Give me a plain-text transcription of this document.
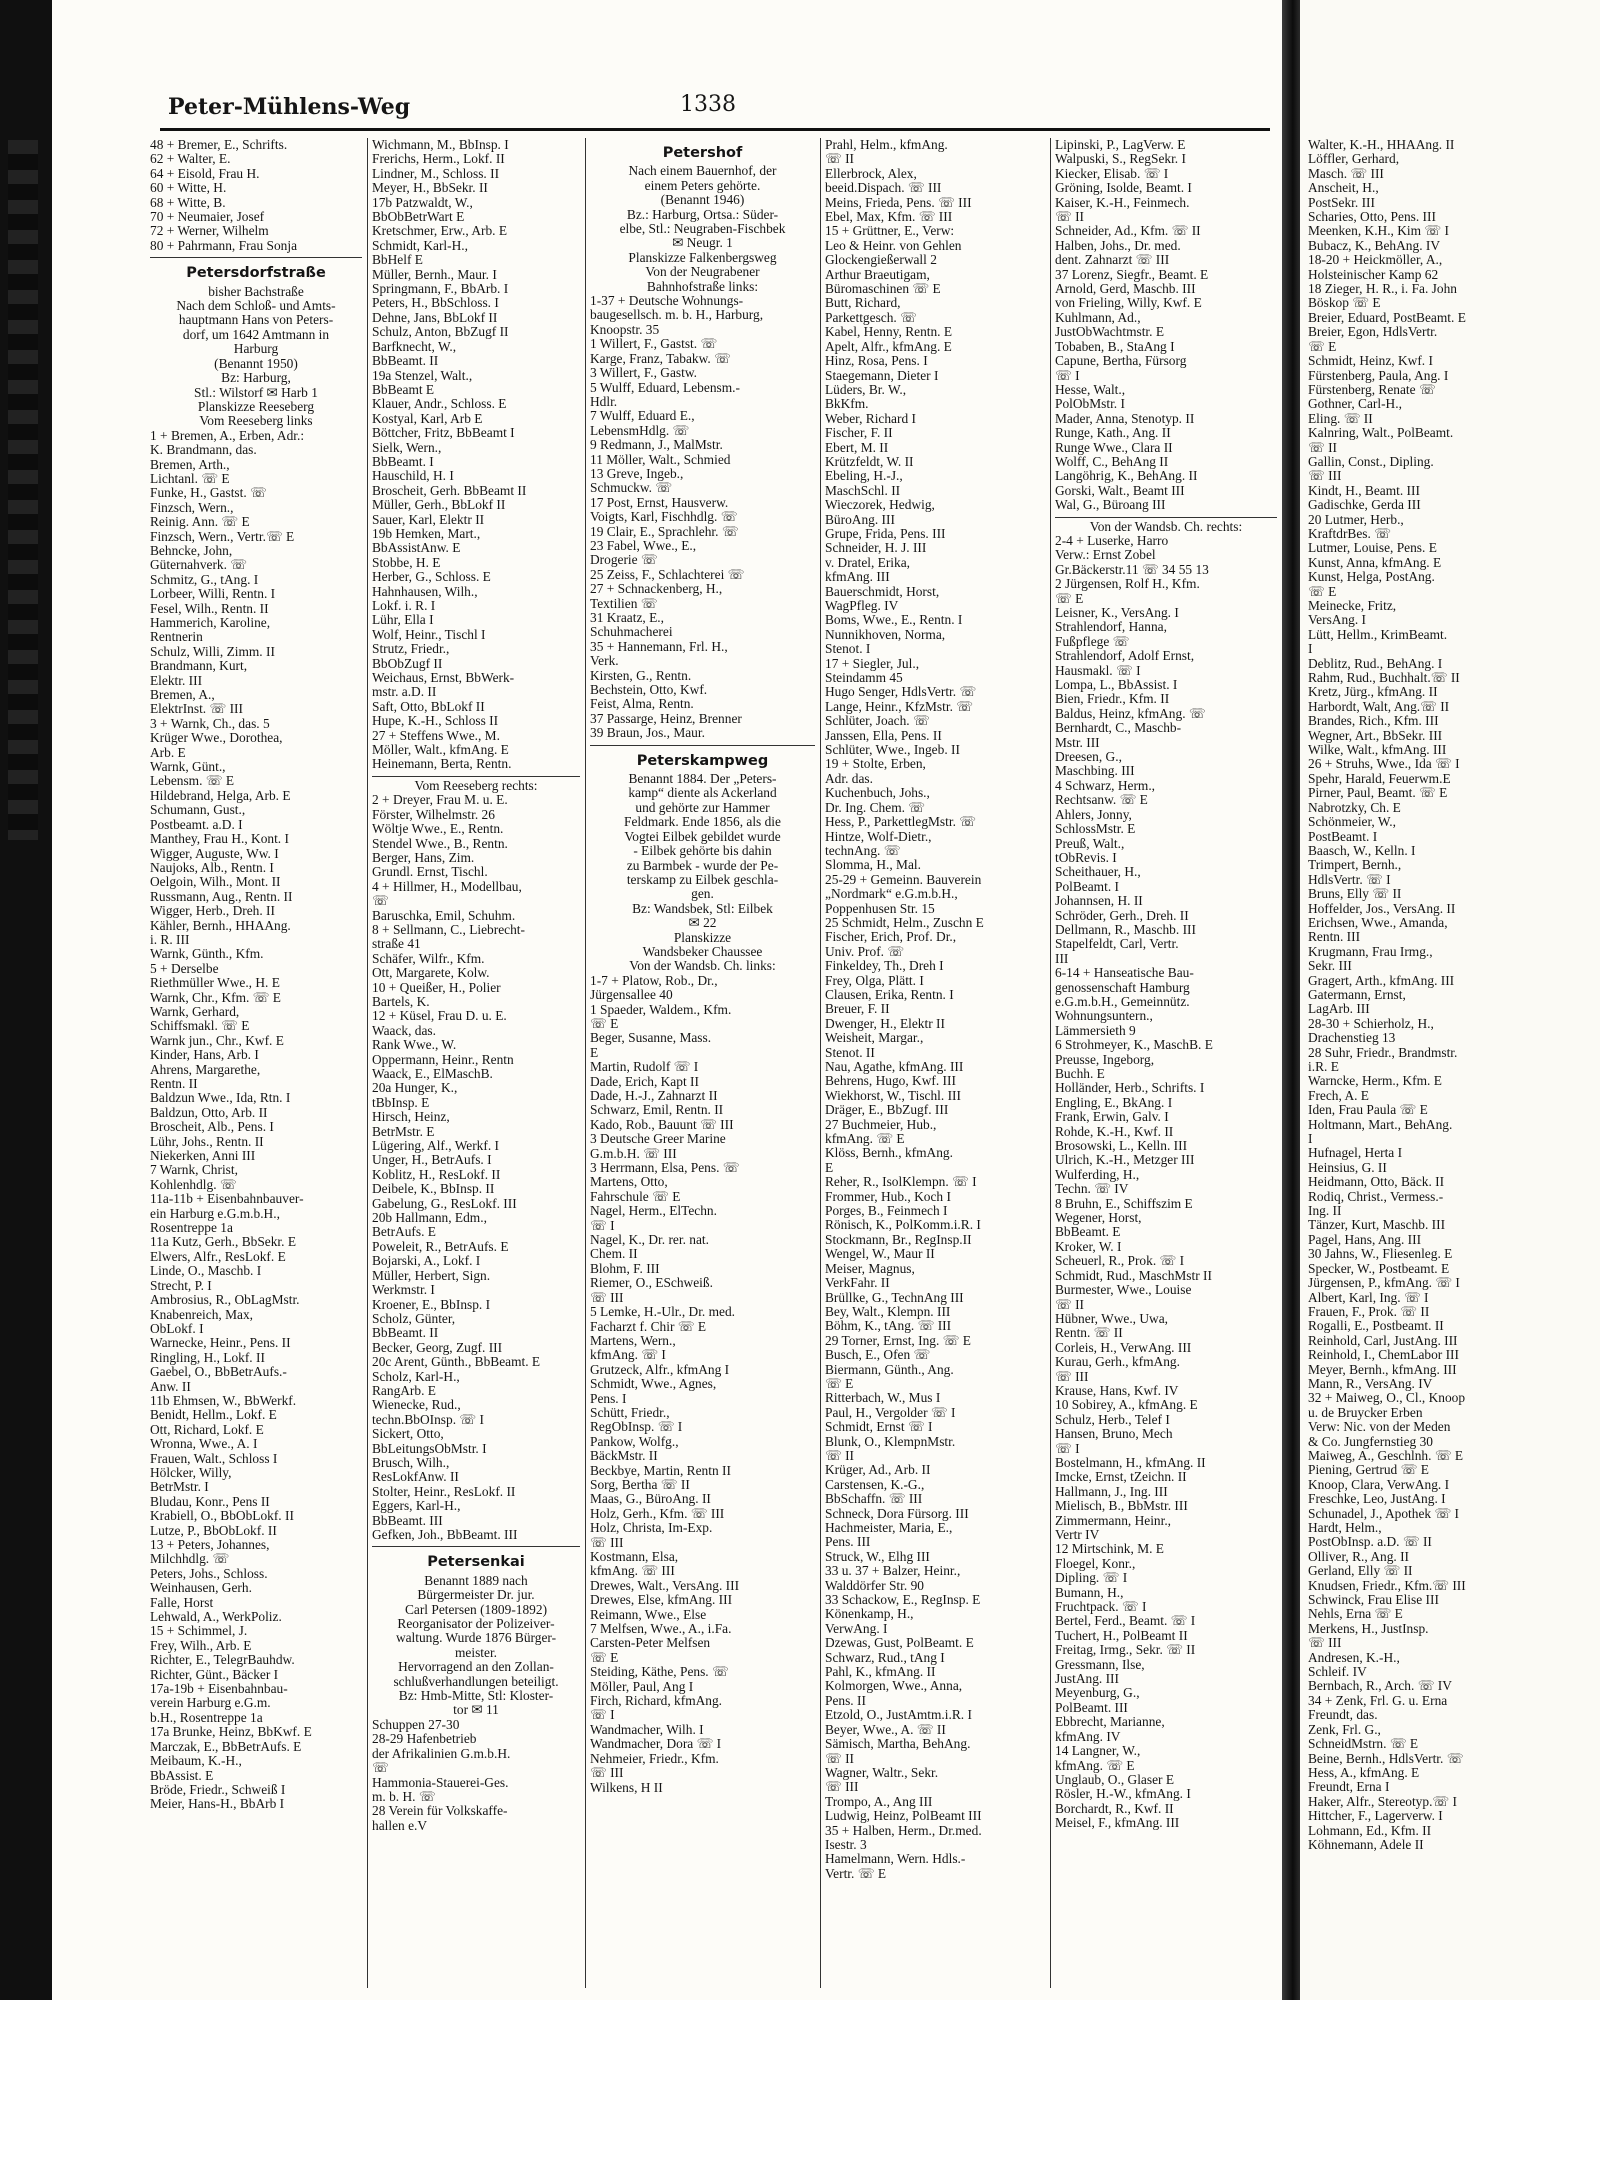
Peter-Mühlens-Weg	1338
48 + Bremer, E., Schrifts.
62 + Walter, E.
64 + Eisold, Frau H.
60 + Witte, H.
68 + Witte, B.
70 + Neumaier, Josef
72 + Werner, Wilhelm
80 + Pahrmann, Frau Sonja
Petersdorfstraße
bisher Bachstraße
Nach dem Schloß- und Amts-
hauptmann Hans von Peters-
dorf, um 1642 Amtmann in
Harburg
(Benannt 1950)
Bz: Harburg,
Stl.: Wilstorf ✉ Harb 1
Planskizze Reeseberg
Vom Reeseberg links
1 + Bremen, A., Erben, Adr.:
K. Brandmann, das.
Bremen, Arth.,
Lichtanl. ☏ E
Funke, H., Gastst. ☏
Finzsch, Wern.,
Reinig. Ann. ☏ E
Finzsch, Wern., Vertr.☏ E
Behncke, John,
Güternahverk. ☏
Schmitz, G., tAng. I
Lorbeer, Willi, Rentn. I
Fesel, Wilh., Rentn. II
Hammerich, Karoline,
Rentnerin
Schulz, Willi, Zimm. II
Brandmann, Kurt,
Elektr. III
Bremen, A.,
ElektrInst. ☏ III
3 + Warnk, Ch., das. 5
Krüger Wwe., Dorothea,
Arb. E
Warnk, Günt.,
Lebensm. ☏ E
Hildebrand, Helga, Arb. E
Schumann, Gust.,
Postbeamt. a.D. I
Manthey, Frau H., Kont. I
Wigger, Auguste, Ww. I
Naujoks, Alb., Rentn. I
Oelgoin, Wilh., Mont. II
Russmann, Aug., Rentn. II
Wigger, Herb., Dreh. II
Kähler, Bernh., HHAAng.
i. R. III
Warnk, Günth., Kfm.
5 + Derselbe
Riethmüller Wwe., H. E
Warnk, Chr., Kfm. ☏ E
Warnk, Gerhard,
Schiffsmakl. ☏ E
Warnk jun., Chr., Kwf. E
Kinder, Hans, Arb. I
Ahrens, Margarethe,
Rentn. II
Baldzun Wwe., Ida, Rtn. I
Baldzun, Otto, Arb. II
Broscheit, Alb., Pens. I
Lühr, Johs., Rentn. II
Niekerken, Anni III
7 Warnk, Christ,
Kohlenhdlg. ☏
11a-11b + Eisenbahnbauver-
ein Harburg e.G.m.b.H.,
Rosentreppe 1a
11a Kutz, Gerh., BbSekr. E
Elwers, Alfr., ResLokf. E
Linde, O., Maschb. I
Strecht, P. I
Ambrosius, R., ObLagMstr.
Knabenreich, Max,
ObLokf. I
Warnecke, Heinr., Pens. II
Ringling, H., Lokf. II
Gaebel, O., BbBetrAufs.-
Anw. II
11b Ehmsen, W., BbWerkf.
Benidt, Hellm., Lokf. E
Ott, Richard, Lokf. E
Wronna, Wwe., A. I
Frauen, Walt., Schloss I
Hölcker, Willy,
BetrMstr. I
Bludau, Konr., Pens II
Krabiell, O., BbObLokf. II
Lutze, P., BbObLokf. II
13 + Peters, Johannes,
Milchhdlg. ☏
Peters, Johs., Schloss.
Weinhausen, Gerh.
Falle, Horst
Lehwald, A., WerkPoliz.
15 + Schimmel, J.
Frey, Wilh., Arb. E
Richter, E., TelegrBauhdw.
Richter, Günt., Bäcker I
17a-19b + Eisenbahnbau-
verein Harburg e.G.m.
b.H., Rosentreppe 1a
17a Brunke, Heinz, BbKwf. E
Marczak, E., BbBetrAufs. E
Meibaum, K.-H.,
BbAssist. E
Bröde, Friedr., Schweiß I
Meier, Hans-H., BbArb I
Wichmann, M., BbInsp. I
Frerichs, Herm., Lokf. II
Lindner, M., Schloss. II
Meyer, H., BbSekr. II
17b Patzwaldt, W.,
BbObBetrWart E
Kretschmer, Erw., Arb. E
Schmidt, Karl-H.,
BbHelf E
Müller, Bernh., Maur. I
Springmann, F., BbArb. I
Peters, H., BbSchloss. I
Dehne, Jans, BbLokf II
Schulz, Anton, BbZugf II
Barfknecht, W.,
BbBeamt. II
19a Stenzel, Walt.,
BbBeamt E
Klauer, Andr., Schloss. E
Kostyal, Karl, Arb E
Böttcher, Fritz, BbBeamt I
Sielk, Wern.,
BbBeamt. I
Hauschild, H. I
Broscheit, Gerh. BbBeamt II
Müller, Gerh., BbLokf II
Sauer, Karl, Elektr II
19b Hemken, Mart.,
BbAssistAnw. E
Stobbe, H. E
Herber, G., Schloss. E
Hahnhausen, Wilh.,
Lokf. i. R. I
Lühr, Ella I
Wolf, Heinr., Tischl I
Strutz, Friedr.,
BbObZugf II
Weichaus, Ernst, BbWerk-
mstr. a.D. II
Saft, Otto, BbLokf II
Hupe, K.-H., Schloss II
27 + Steffens Wwe., M.
Möller, Walt., kfmAng. E
Heinemann, Berta, Rentn.
Vom Reeseberg rechts:
2 + Dreyer, Frau M. u. E.
Förster, Wilhelmstr. 26
Wöltje Wwe., E., Rentn.
Stendel Wwe., B., Rentn.
Berger, Hans, Zim.
Grundl. Ernst, Tischl.
4 + Hillmer, H., Modellbau,
☏
Baruschka, Emil, Schuhm.
8 + Sellmann, C., Liebrecht-
straße 41
Schäfer, Wilfr., Kfm.
Ott, Margarete, Kolw.
10 + Queißer, H., Polier
Bartels, K.
12 + Küsel, Frau D. u. E.
Waack, das.
Rank Wwe., W.
Oppermann, Heinr., Rentn
Waack, E., ElMaschB.
20a Hunger, K.,
tBbInsp. E
Hirsch, Heinz,
BetrMstr. E
Lügering, Alf., Werkf. I
Unger, H., BetrAufs. I
Koblitz, H., ResLokf. II
Deibele, K., BbInsp. II
Gabelung, G., ResLokf. III
20b Hallmann, Edm.,
BetrAufs. E
Poweleit, R., BetrAufs. E
Bojarski, A., Lokf. I
Müller, Herbert, Sign.
Werkmstr. I
Kroener, E., BbInsp. I
Scholz, Günter,
BbBeamt. II
Becker, Georg, Zugf. III
20c Arent, Günth., BbBeamt. E
Scholz, Karl-H.,
RangArb. E
Wienecke, Rud.,
techn.BbOInsp. ☏ I
Sickert, Otto,
BbLeitungsObMstr. I
Brusch, Wilh.,
ResLokfAnw. II
Stolter, Heinr., ResLokf. II
Eggers, Karl-H.,
BbBeamt. III
Gefken, Joh., BbBeamt. III
Petersenkai
Benannt 1889 nach
Bürgermeister Dr. jur.
Carl Petersen (1809-1892)
Reorganisator der Polizeiver-
waltung. Wurde 1876 Bürger-
meister.
Hervorragend an den Zollan-
schlußverhandlungen beteiligt.
Bz: Hmb-Mitte, Stl: Kloster-
tor ✉ 11
Schuppen 27-30
28-29 Hafenbetrieb
der Afrikalinien G.m.b.H.
☏
Hammonia-Stauerei-Ges.
m. b. H. ☏
28 Verein für Volkskaffe-
hallen e.V
Petershof
Nach einem Bauernhof, der
einem Peters gehörte.
(Benannt 1946)
Bz.: Harburg, Ortsa.: Süder-
elbe, Stl.: Neugraben-Fischbek
✉ Neugr. 1
Planskizze Falkenbergsweg
Von der Neugrabener
Bahnhofstraße links:
1-37 + Deutsche Wohnungs-
baugesellsch. m. b. H., Harburg,
Knoopstr. 35
1 Willert, F., Gastst. ☏
Karge, Franz, Tabakw. ☏
3 Willert, F., Gastw.
5 Wulff, Eduard, Lebensm.-
Hdlr.
7 Wulff, Eduard E.,
LebensmHdlg. ☏
9 Redmann, J., MalMstr.
11 Möller, Walt., Schmied
13 Greve, Ingeb.,
Schmuckw. ☏
17 Post, Ernst, Hausverw.
Voigts, Karl, Fischhdlg. ☏
19 Clair, E., Sprachlehr. ☏
23 Fabel, Wwe., E.,
Drogerie ☏
25 Zeiss, F., Schlachterei ☏
27 + Schnackenberg, H.,
Textilien ☏
31 Kraatz, E.,
Schuhmacherei
35 + Hannemann, Frl. H.,
Verk.
Kirsten, G., Rentn.
Bechstein, Otto, Kwf.
Feist, Alma, Rentn.
37 Passarge, Heinz, Brenner
39 Braun, Jos., Maur.
Peterskampweg
Benannt 1884. Der „Peters-
kamp“ diente als Ackerland
und gehörte zur Hammer
Feldmark. Ende 1856, als die
Vogtei Eilbek gebildet wurde
- Eilbek gehörte bis dahin
zu Barmbek - wurde der Pe-
terskamp zu Eilbek geschla-
gen.
Bz: Wandsbek, Stl: Eilbek
✉ 22
Planskizze
Wandsbeker Chaussee
Von der Wandsb. Ch. links:
1-7 + Platow, Rob., Dr.,
Jürgensallee 40
1 Spaeder, Waldem., Kfm.
☏ E
Beger, Susanne, Mass.
E
Martin, Rudolf ☏ I
Dade, Erich, Kapt II
Dade, H.-J., Zahnarzt II
Schwarz, Emil, Rentn. II
Kado, Rob., Bauunt ☏ III
3 Deutsche Greer Marine
G.m.b.H. ☏ III
3 Herrmann, Elsa, Pens. ☏
Martens, Otto,
Fahrschule ☏ E
Nagel, Herm., ElTechn.
☏ I
Nagel, K., Dr. rer. nat.
Chem. II
Blohm, F. III
Riemer, O., ESchweiß.
☏ III
5 Lemke, H.-Ulr., Dr. med.
Facharzt f. Chir ☏ E
Martens, Wern.,
kfmAng. ☏ I
Grutzeck, Alfr., kfmAng I
Schmidt, Wwe., Agnes,
Pens. I
Schütt, Friedr.,
RegObInsp. ☏ I
Pankow, Wolfg.,
BäckMstr. II
Beckbye, Martin, Rentn II
Sorg, Bertha ☏ II
Maas, G., BüroAng. II
Holz, Gerh., Kfm. ☏ III
Holz, Christa, Im-Exp.
☏ III
Kostmann, Elsa,
kfmAng. ☏ III
Drewes, Walt., VersAng. III
Drewes, Else, kfmAng. III
Reimann, Wwe., Else
7 Melfsen, Wwe., A., i.Fa.
Carsten-Peter Melfsen
☏ E
Steiding, Käthe, Pens. ☏
Möller, Paul, Ang I
Firch, Richard, kfmAng.
☏ I
Wandmacher, Wilh. I
Wandmacher, Dora ☏ I
Nehmeier, Friedr., Kfm.
☏ III
Wilkens, H II
Prahl, Helm., kfmAng.
☏ II
Ellerbrock, Alex,
beeid.Dispach. ☏ III
Meins, Frieda, Pens. ☏ III
Ebel, Max, Kfm. ☏ III
15 + Grüttner, E., Verw:
Leo & Heinr. von Gehlen
Glockengießerwall 2
Arthur Braeutigam,
Büromaschinen ☏ E
Butt, Richard,
Parkettgesch. ☏
Kabel, Henny, Rentn. E
Apelt, Alfr., kfmAng. E
Hinz, Rosa, Pens. I
Staegemann, Dieter I
Lüders, Br. W.,
BkKfm.
Weber, Richard I
Fischer, F. II
Ebert, M. II
Krützfeldt, W. II
Ebeling, H.-J.,
MaschSchl. II
Wieczorek, Hedwig,
BüroAng. III
Grupe, Frida, Pens. III
Schneider, H. J. III
v. Dratel, Erika,
kfmAng. III
Bauerschmidt, Horst,
WagPfleg. IV
Boms, Wwe., E., Rentn. I
Nunnikhoven, Norma,
Stenot. I
17 + Siegler, Jul.,
Steindamm 45
Hugo Senger, HdlsVertr. ☏
Lange, Heinr., KfzMstr. ☏
Schlüter, Joach. ☏
Janssen, Ella, Pens. II
Schlüter, Wwe., Ingeb. II
19 + Stolte, Erben,
Adr. das.
Kuchenbuch, Johs.,
Dr. Ing. Chem. ☏
Hess, P., ParkettlegMstr. ☏
Hintze, Wolf-Dietr.,
technAng. ☏
Slomma, H., Mal.
25-29 + Gemeinn. Bauverein
„Nordmark“ e.G.m.b.H.,
Poppenhusen Str. 15
25 Schmidt, Helm., Zuschn E
Fischer, Erich, Prof. Dr.,
Univ. Prof. ☏
Finkeldey, Th., Dreh I
Frey, Olga, Plätt. I
Clausen, Erika, Rentn. I
Breuer, F. II
Dwenger, H., Elektr II
Weisheit, Margar.,
Stenot. II
Nau, Agathe, kfmAng. III
Behrens, Hugo, Kwf. III
Wiekhorst, W., Tischl. III
Dräger, E., BbZugf. III
27 Buchmeier, Hub.,
kfmAng. ☏ E
Klöss, Bernh., kfmAng.
E
Reher, R., IsolKlempn. ☏ I
Frommer, Hub., Koch I
Porges, B., Feinmech I
Rönisch, K., PolKomm.i.R. I
Stockmann, Br., RegInsp.II
Wengel, W., Maur II
Meiser, Magnus,
VerkFahr. II
Brüllke, G., TechnAng III
Bey, Walt., Klempn. III
Böhm, K., tAng. ☏ III
29 Torner, Ernst, Ing. ☏ E
Busch, E., Ofen ☏
Biermann, Günth., Ang.
☏ E
Ritterbach, W., Mus I
Paul, H., Vergolder ☏ I
Schmidt, Ernst ☏ I
Blunk, O., KlempnMstr.
☏ II
Krüger, Ad., Arb. II
Carstensen, K.-G.,
BbSchaffn. ☏ III
Schneck, Dora Fürsorg. III
Hachmeister, Maria, E.,
Pens. III
Struck, W., Elhg III
33 u. 37 + Balzer, Heinr.,
Walddörfer Str. 90
33 Schackow, E., RegInsp. E
Könenkamp, H.,
VerwAng. I
Dzewas, Gust, PolBeamt. E
Schwarz, Rud., tAng I
Pahl, K., kfmAng. II
Kolmorgen, Wwe., Anna,
Pens. II
Etzold, O., JustAmtm.i.R. I
Beyer, Wwe., A. ☏ II
Sämisch, Martha, BehAng.
☏ II
Wagner, Waltr., Sekr.
☏ III
Trompo, A., Ang III
Ludwig, Heinz, PolBeamt III
35 + Halben, Herm., Dr.med.
Isestr. 3
Hamelmann, Wern. Hdls.-
Vertr. ☏ E
Lipinski, P., LagVerw. E
Walpuski, S., RegSekr. I
Kiecker, Elisab. ☏ I
Gröning, Isolde, Beamt. I
Kaiser, K.-H., Feinmech.
☏ II
Schneider, Ad., Kfm. ☏ II
Halben, Johs., Dr. med.
dent. Zahnarzt ☏ III
37 Lorenz, Siegfr., Beamt. E
Arnold, Gerd, Maschb. III
von Frieling, Willy, Kwf. E
Kuhlmann, Ad.,
JustObWachtmstr. E
Tobaben, B., StaAng I
Capune, Bertha, Fürsorg
☏ I
Hesse, Walt.,
PolObMstr. I
Mader, Anna, Stenotyp. II
Runge, Kath., Ang. II
Runge Wwe., Clara II
Wolff, C., BehAng II
Langöhrig, K., BehAng. II
Gorski, Walt., Beamt III
Wal, G., Büroang III
Von der Wandsb. Ch. rechts:
2-4 + Luserke, Harro
Verw.: Ernst Zobel
Gr.Bäckerstr.11 ☏ 34 55 13
2 Jürgensen, Rolf H., Kfm.
☏ E
Leisner, K., VersAng. I
Strahlendorf, Hanna,
Fußpflege ☏
Strahlendorf, Adolf Ernst,
Hausmakl. ☏ I
Lompa, L., BbAssist. I
Bien, Friedr., Kfm. II
Baldus, Heinz, kfmAng. ☏
Bernhardt, C., Maschb-
Mstr. III
Dreesen, G.,
Maschbing. III
4 Schwarz, Herm.,
Rechtsanw. ☏ E
Ahlers, Jonny,
SchlossMstr. E
Preuß, Walt.,
tObRevis. I
Scheithauer, H.,
PolBeamt. I
Johannsen, H. II
Schröder, Gerh., Dreh. II
Dellmann, R., Maschb. III
Stapelfeldt, Carl, Vertr.
III
6-14 + Hanseatische Bau-
genossenschaft Hamburg
e.G.m.b.H., Gemeinnütz.
Wohnungsuntern.,
Lämmersieth 9
6 Strohmeyer, K., MaschB. E
Preusse, Ingeborg,
Buchh. E
Holländer, Herb., Schrifts. I
Engling, E., BkAng. I
Frank, Erwin, Galv. I
Rohde, K.-H., Kwf. II
Brosowski, L., Kelln. III
Ulrich, K.-H., Metzger III
Wulferding, H.,
Techn. ☏ IV
8 Bruhn, E., Schiffszim E
Wegener, Horst,
BbBeamt. E
Kroker, W. I
Scheuerl, R., Prok. ☏ I
Schmidt, Rud., MaschMstr II
Burmester, Wwe., Louise
☏ II
Hübner, Wwe., Uwa,
Rentn. ☏ II
Corleis, H., VerwAng. III
Kurau, Gerh., kfmAng.
☏ III
Krause, Hans, Kwf. IV
10 Sobirey, A., kfmAng. E
Schulz, Herb., Telef I
Hansen, Bruno, Mech
☏ I
Bostelmann, H., kfmAng. II
Imcke, Ernst, tZeichn. II
Hallmann, J., Ing. III
Mielisch, B., BbMstr. III
Zimmermann, Heinr.,
Vertr IV
12 Mirtschink, M. E
Floegel, Konr.,
Dipling. ☏ I
Bumann, H.,
Fruchtpack. ☏ I
Bertel, Ferd., Beamt. ☏ I
Tuchert, H., PolBeamt II
Freitag, Irmg., Sekr. ☏ II
Gressmann, Ilse,
JustAng. III
Meyenburg, G.,
PolBeamt. III
Ebbrecht, Marianne,
kfmAng. IV
14 Langner, W.,
kfmAng. ☏ E
Unglaub, O., Glaser E
Rösler, H.-W., kfmAng. I
Borchardt, R., Kwf. II
Meisel, F., kfmAng. III
Walter, K.-H., HHAAng. II
Löffler, Gerhard,
Masch. ☏ III
Anscheit, H.,
PostSekr. III
Scharies, Otto, Pens. III
Meenken, K.H., Kim ☏ I
Bubacz, K., BehAng. IV
18-20 + Heickmöller, A.,
Holsteinischer Kamp 62
18 Zieger, H. R., i. Fa. John
Böskop ☏ E
Breier, Eduard, PostBeamt. E
Breier, Egon, HdlsVertr.
☏ E
Schmidt, Heinz, Kwf. I
Fürstenberg, Paula, Ang. I
Fürstenberg, Renate ☏
Gothner, Carl-H.,
Eling. ☏ II
Kalnring, Walt., PolBeamt.
☏ II
Gallin, Const., Dipling.
☏ III
Kindt, H., Beamt. III
Gadischke, Gerda III
20 Lutmer, Herb.,
KraftdrBes. ☏
Lutmer, Louise, Pens. E
Kunst, Anna, kfmAng. E
Kunst, Helga, PostAng.
☏ E
Meinecke, Fritz,
VersAng. I
Lütt, Hellm., KrimBeamt.
I
Deblitz, Rud., BehAng. I
Rahm, Rud., Buchhalt.☏ II
Kretz, Jürg., kfmAng. II
Harbordt, Walt, Ang.☏ II
Brandes, Rich., Kfm. III
Wegner, Art., BbSekr. III
Wilke, Walt., kfmAng. III
26 + Struhs, Wwe., Ida ☏ I
Spehr, Harald, Feuerwm.E
Pirner, Paul, Beamt. ☏ E
Nabrotzky, Ch. E
Schönmeier, W.,
PostBeamt. I
Baasch, W., Kelln. I
Trimpert, Bernh.,
HdlsVertr. ☏ I
Bruns, Elly ☏ II
Hoffelder, Jos., VersAng. II
Erichsen, Wwe., Amanda,
Rentn. III
Krugmann, Frau Irmg.,
Sekr. III
Gragert, Arth., kfmAng. III
Gatermann, Ernst,
LagArb. III
28-30 + Schierholz, H.,
Drachenstieg 13
28 Suhr, Friedr., Brandmstr.
i.R. E
Warncke, Herm., Kfm. E
Frech, A. E
Iden, Frau Paula ☏ E
Holtmann, Mart., BehAng.
I
Hufnagel, Herta I
Heinsius, G. II
Heidmann, Otto, Bäck. II
Rodiq, Christ., Vermess.-
Ing. II
Tänzer, Kurt, Maschb. III
Pagel, Hans, Ang. III
30 Jahns, W., Fliesenleg. E
Specker, W., Postbeamt. E
Jürgensen, P., kfmAng. ☏ I
Albert, Karl, Ing. ☏ I
Frauen, F., Prok. ☏ II
Rogalli, E., Postbeamt. II
Reinhold, Carl, JustAng. III
Reinhold, I., ChemLabor III
Meyer, Bernh., kfmAng. III
Mann, R., VersAng. IV
32 + Maiweg, O., Cl., Knoop
u. de Bruycker Erben
Verw: Nic. von der Meden
& Co. Jungfernstieg 30
Maiweg, A., Geschlnh. ☏ E
Piening, Gertrud ☏ E
Knoop, Clara, VerwAng. I
Freschke, Leo, JustAng. I
Schunadel, J., Apothek ☏ I
Hardt, Helm.,
PostObInsp. a.D. ☏ II
Olliver, R., Ang. II
Gerland, Elly ☏ II
Knudsen, Friedr., Kfm.☏ III
Schwinck, Frau Elise III
Nehls, Erna ☏ E
Merkens, H., JustInsp.
☏ III
Andresen, K.-H.,
Schleif. IV
Bernbach, R., Arch. ☏ IV
34 + Zenk, Frl. G. u. Erna
Freundt, das.
Zenk, Frl. G.,
SchneidMstrn. ☏ E
Beine, Bernh., HdlsVertr. ☏
Hess, A., kfmAng. E
Freundt, Erna I
Haker, Alfr., Stereotyp.☏ I
Hittcher, F., Lagerverw. I
Lohmann, Ed., Kfm. II
Köhnemann, Adele II
